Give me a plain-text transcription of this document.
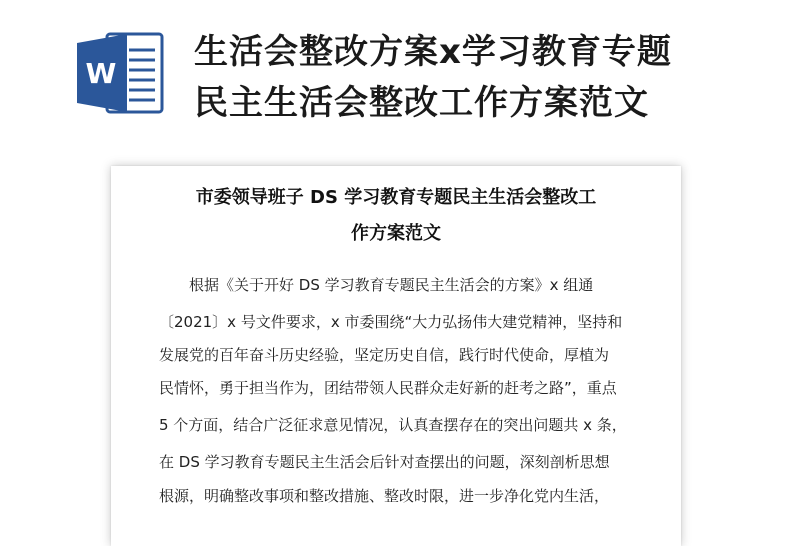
W
生活会整改方案x学习教育专题
民主生活会整改工作方案范文
市委领导班子 DS 学习教育专题民主生活会整改工
作方案范文
　　根据《关于开好 DS 学习教育专题民主生活会的方案》x 组通
〔2021〕x 号文件要求，x 市委围绕“大力弘扬伟大建党精神，坚持和
发展党的百年奋斗历史经验，坚定历史自信，践行时代使命，厚植为
民情怀，勇于担当作为，团结带领人民群众走好新的赶考之路”，重点
5 个方面，结合广泛征求意见情况，认真查摆存在的突出问题共 x 条，
在 DS 学习教育专题民主生活会后针对查摆出的问题，深刻剖析思想
根源，明确整改事项和整改措施、整改时限，进一步净化党内生活，
